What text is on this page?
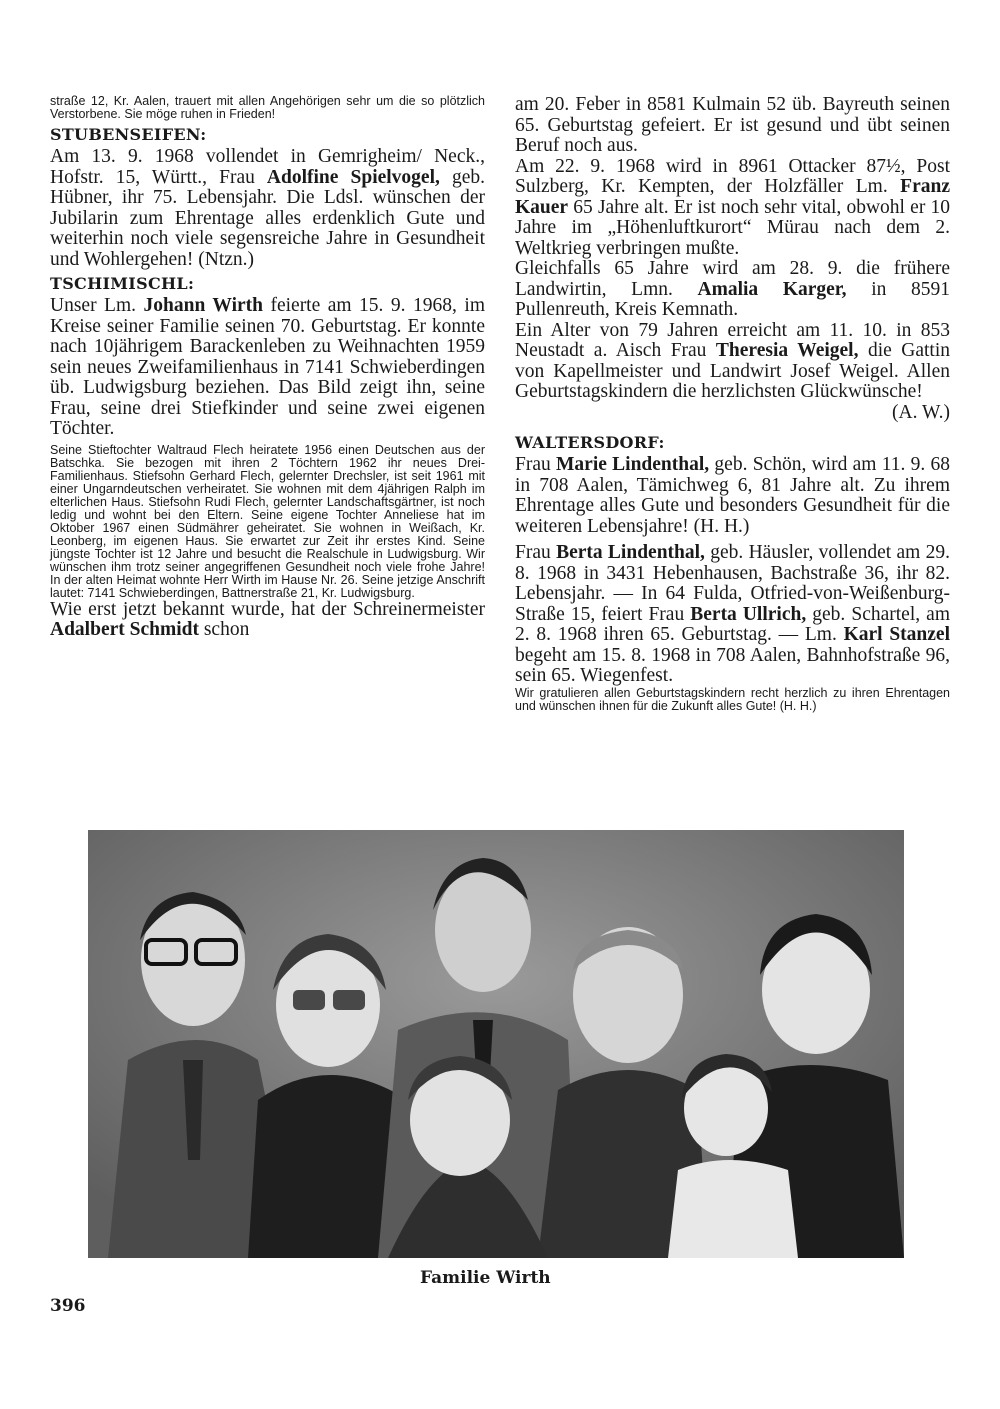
straße 12, Kr. Aalen, trauert mit allen Angehörigen sehr um die so plötzlich Verstorbene. Sie möge ruhen in Frieden!

STUBENSEIFEN:

Am 13. 9. 1968 vollendet in Gemrigheim/ Neck., Hofstr. 15, Württ., Frau Adolfine Spielvogel, geb. Hübner, ihr 75. Lebensjahr. Die Ldsl. wünschen der Jubilarin zum Ehrentage alles erdenklich Gute und weiterhin noch viele segensreiche Jahre in Gesundheit und Wohlergehen! (Ntzn.)

TSCHIMISCHL:

Unser Lm. Johann Wirth feierte am 15. 9. 1968, im Kreise seiner Familie seinen 70. Geburtstag. Er konnte nach 10jährigem Barackenleben zu Weihnachten 1959 sein neues Zweifamilienhaus in 7141 Schwieberdingen üb. Ludwigsburg beziehen. Das Bild zeigt ihn, seine Frau, seine drei Stiefkinder und seine zwei eigenen Töchter.

Seine Stieftochter Waltraud Flech heiratete 1956 einen Deutschen aus der Batschka. Sie bezogen mit ihren 2 Töchtern 1962 ihr neues Drei-Familienhaus. Stiefsohn Gerhard Flech, gelernter Drechsler, ist seit 1961 mit einer Ungarndeutschen verheiratet. Sie wohnen mit dem 4jährigen Ralph im elterlichen Haus. Stiefsohn Rudi Flech, gelernter Landschaftsgärtner, ist noch ledig und wohnt bei den Eltern. Seine eigene Tochter Anneliese hat im Oktober 1967 einen Südmährer geheiratet. Sie wohnen in Weißach, Kr. Leonberg, im eigenen Haus. Sie erwartet zur Zeit ihr erstes Kind. Seine jüngste Tochter ist 12 Jahre und besucht die Realschule in Ludwigsburg. Wir wünschen ihm trotz seiner angegriffenen Gesundheit noch viele frohe Jahre! In der alten Heimat wohnte Herr Wirth im Hause Nr. 26. Seine jetzige Anschrift lautet: 7141 Schwieberdingen, Battnerstraße 21, Kr. Ludwigsburg.

Wie erst jetzt bekannt wurde, hat der Schreinermeister Adalbert Schmidt schon

am 20. Feber in 8581 Kulmain 52 üb. Bayreuth seinen 65. Geburtstag gefeiert. Er ist gesund und übt seinen Beruf noch aus.

Am 22. 9. 1968 wird in 8961 Ottacker 87½, Post Sulzberg, Kr. Kempten, der Holzfäller Lm. Franz Kauer 65 Jahre alt. Er ist noch sehr vital, obwohl er 10 Jahre im „Höhenluftkurort“ Mürau nach dem 2. Weltkrieg verbringen mußte.

Gleichfalls 65 Jahre wird am 28. 9. die frühere Landwirtin, Lmn. Amalia Karger, in 8591 Pullenreuth, Kreis Kemnath.

Ein Alter von 79 Jahren erreicht am 11. 10. in 853 Neustadt a. Aisch Frau Theresia Weigel, die Gattin von Kapellmeister und Landwirt Josef Weigel. Allen Geburtstagskindern die herzlichsten Glückwünsche!

(A. W.)

WALTERSDORF:

Frau Marie Lindenthal, geb. Schön, wird am 11. 9. 68 in 708 Aalen, Tämichweg 6, 81 Jahre alt. Zu ihrem Ehrentage alles Gute und besonders Gesundheit für die weiteren Lebensjahre! (H. H.)

Frau Berta Lindenthal, geb. Häusler, vollendet am 29. 8. 1968 in 3431 Hebenhausen, Bachstraße 36, ihr 82. Lebensjahr. — In 64 Fulda, Otfried-von-Weißenburg-Straße 15, feiert Frau Berta Ullrich, geb. Schartel, am 2. 8. 1968 ihren 65. Geburtstag. — Lm. Karl Stanzel begeht am 15. 8. 1968 in 708 Aalen, Bahnhofstraße 96, sein 65. Wiegenfest.

Wir gratulieren allen Geburtstagskindern recht herzlich zu ihren Ehrentagen und wünschen ihnen für die Zukunft alles Gute! (H. H.)

Familie Wirth
396
